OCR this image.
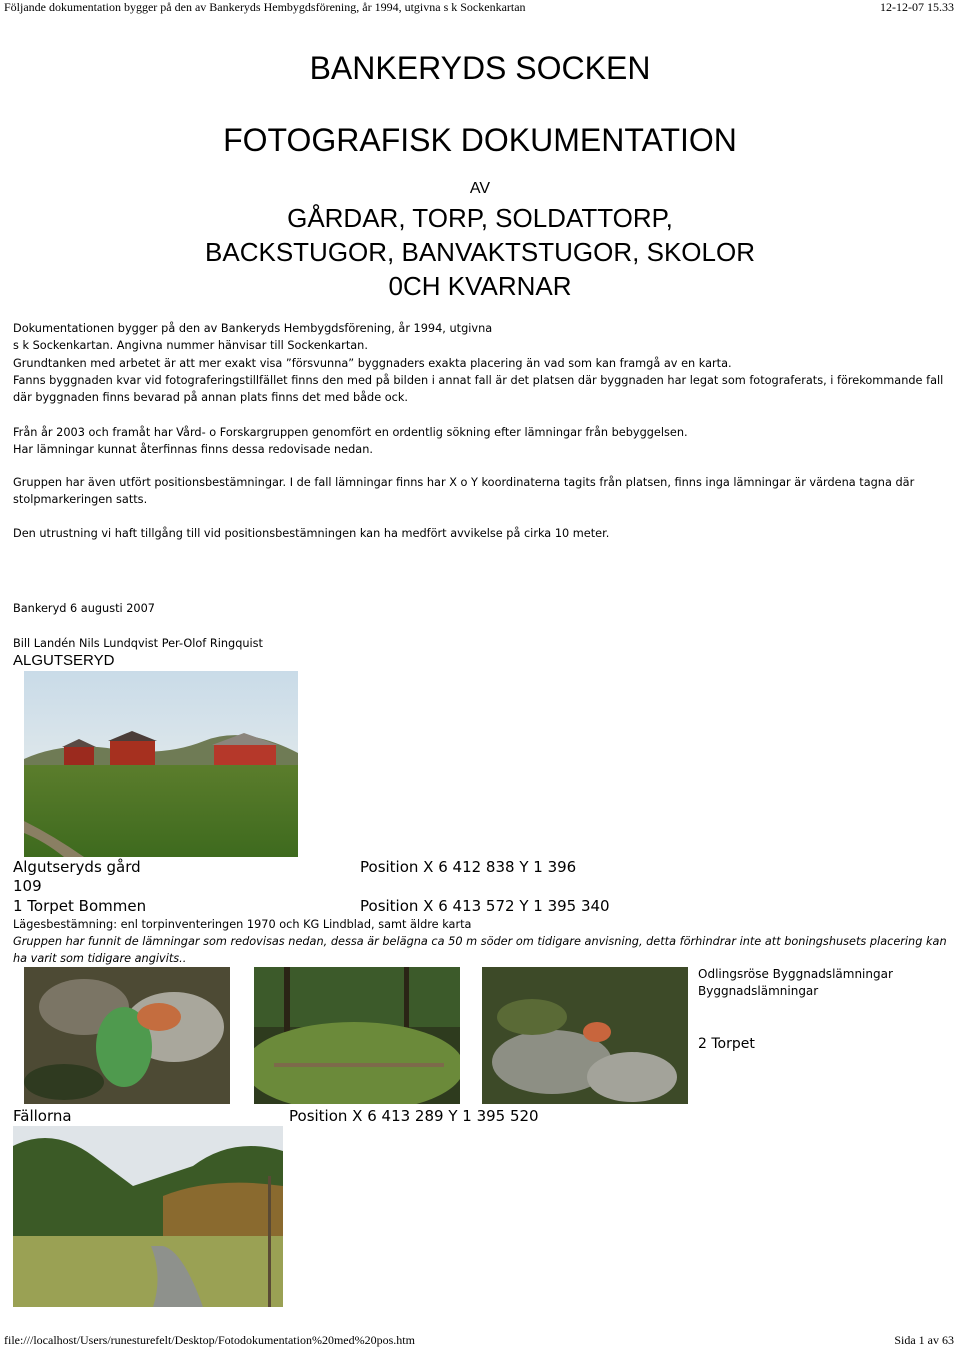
Följande dokumentation bygger på den av Bankeryds Hembygdsförening, år 1994, utgivna s k Sockenkartan	12-12-07 15.33
BANKERYDS SOCKEN
FOTOGRAFISK DOKUMENTATION
AV
GÅRDAR, TORP, SOLDATTORP,
BACKSTUGOR, BANVAKTSTUGOR, SKOLOR
0CH KVARNAR
Dokumentationen bygger på den av Bankeryds Hembygdsförening, år 1994, utgivna
s k Sockenkartan. Angivna nummer hänvisar till Sockenkartan.
Grundtanken med arbetet är att mer exakt visa ”försvunna” byggnaders exakta placering än vad som kan framgå av en karta.
Fanns byggnaden kvar vid fotograferingstillfället finns den med på bilden i annat fall är det platsen där byggnaden har legat som fotograferats, i förekommande fall där byggnaden finns bevarad på annan plats finns det med både ock.
Från år 2003 och framåt har Vård- o Forskargruppen genomfört en ordentlig sökning efter lämningar från bebyggelsen.
Har lämningar kunnat återfinnas finns dessa redovisade nedan.
Gruppen har även utfört positionsbestämningar. I de fall lämningar finns har X o Y koordinaterna tagits från platsen, finns inga lämningar är värdena tagna där stolpmarkeringen satts.
Den utrustning vi haft tillgång till vid positionsbestämningen kan ha medfört avvikelse på cirka 10 meter.
Bankeryd 6 augusti 2007
Bill Landén Nils Lundqvist Per-Olof Ringquist
ALGUTSERYD
Algutseryds gård	Position X 6 412 838 Y 1 396
109
1 Torpet Bommen	Position X 6 413 572 Y 1 395 340
Lägesbestämning: enl torpinventeringen 1970 och KG Lindblad, samt äldre karta
Gruppen har funnit de lämningar som redovisas nedan, dessa är belägna ca 50 m söder om tidigare anvisning, detta förhindrar inte att boningshusets placering kan ha varit som tidigare angivits..
Odlingsröse Byggnadslämningar
Byggnadslämningar
2 Torpet
Fällorna	Position X 6 413 289 Y 1 395 520
file:///localhost/Users/runesturefelt/Desktop/Fotodokumentation%20med%20pos.htm	Sida 1 av 63
